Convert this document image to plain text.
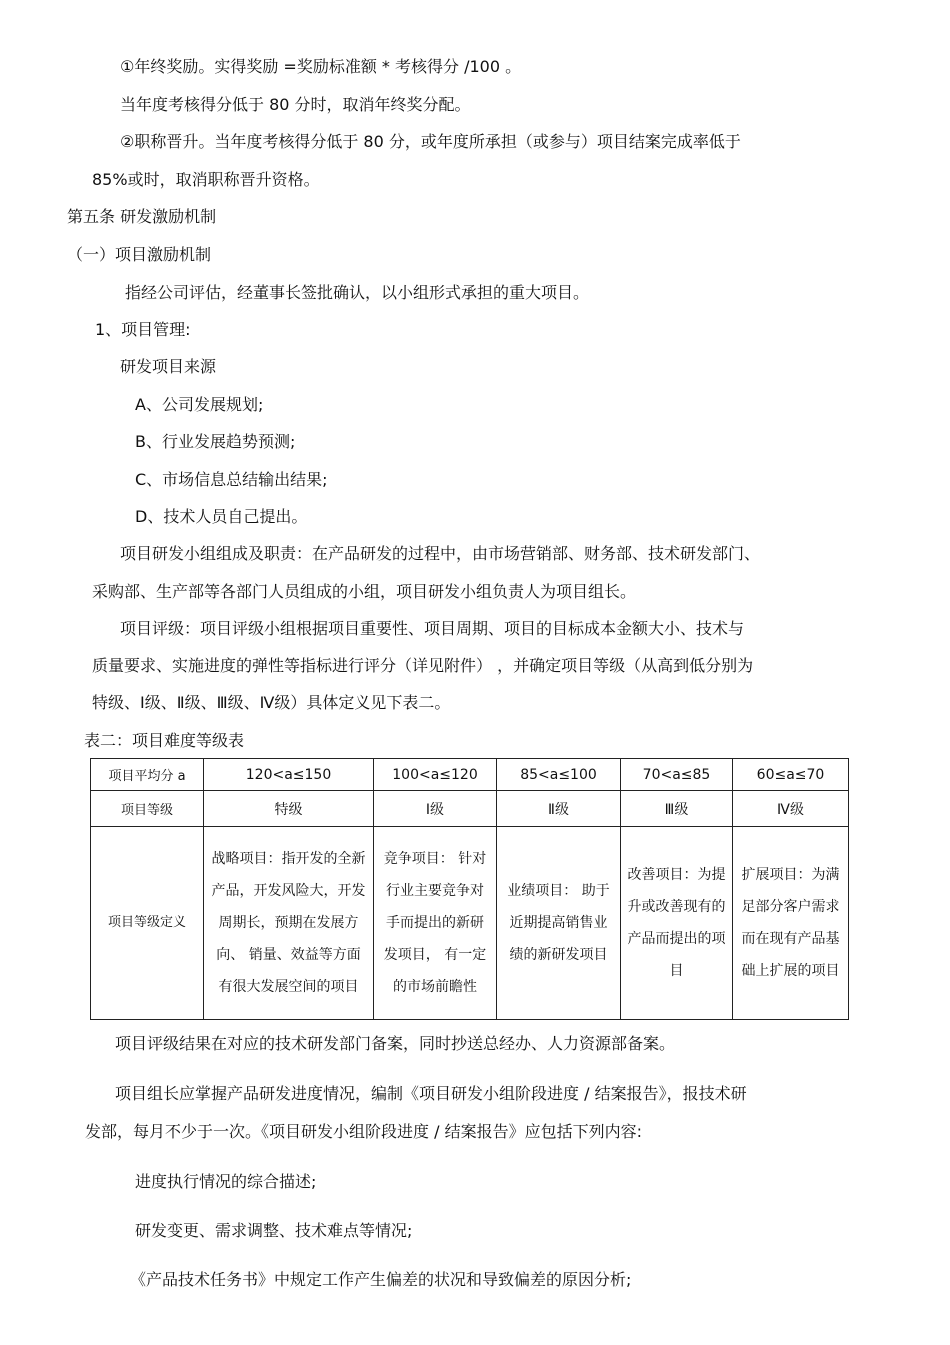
①年终奖励。实得奖励 =奖励标准额 * 考核得分 /100 。
当年度考核得分低于 80 分时，取消年终奖分配。
②职称晋升。当年度考核得分低于 80 分，或年度所承担（或参与）项目结案完成率低于
85%或时，取消职称晋升资格。
第五条 研发激励机制
（一）项目激励机制
指经公司评估，经董事长签批确认，以小组形式承担的重大项目。
1、项目管理:
研发项目来源
A、公司发展规划;
B、行业发展趋势预测;
C、市场信息总结输出结果;
D、技术人员自己提出。
项目研发小组组成及职责：在产品研发的过程中，由市场营销部、财务部、技术研发部门、
采购部、生产部等各部门人员组成的小组，项目研发小组负责人为项目组长。
项目评级：项目评级小组根据项目重要性、项目周期、项目的目标成本金额大小、技术与
质量要求、实施进度的弹性等指标进行评分（详见附件） ，并确定项目等级（从高到低分别为
特级、Ⅰ级、Ⅱ级、Ⅲ级、Ⅳ级）具体定义见下表二。
表二：项目难度等级表
项目平均分 a	120<a≤150	100<a≤120	85<a≤100	70<a≤85	60≤a≤70
项目等级	特级	Ⅰ级	Ⅱ级	Ⅲ级	Ⅳ级
项目等级定义	战略项目：指开发的全新产品，开发风险大，开发周期长，预期在发展方向、 销量、效益等方面有很大发展空间的项目	竞争项目： 针对行业主要竞争对手而提出的新研发项目， 有一定的市场前瞻性	业绩项目： 助于近期提高销售业绩的新研发项目	改善项目：为提升或改善现有的产品而提出的项目	扩展项目：为满足部分客户需求而在现有产品基础上扩展的项目
项目评级结果在对应的技术研发部门备案，同时抄送总经办、人力资源部备案。
项目组长应掌握产品研发进度情况，编制《项目研发小组阶段进度 / 结案报告》，报技术研
发部，每月不少于一次。《项目研发小组阶段进度 / 结案报告》应包括下列内容:
进度执行情况的综合描述;
研发变更、需求调整、技术难点等情况;
《产品技术任务书》中规定工作产生偏差的状况和导致偏差的原因分析;
